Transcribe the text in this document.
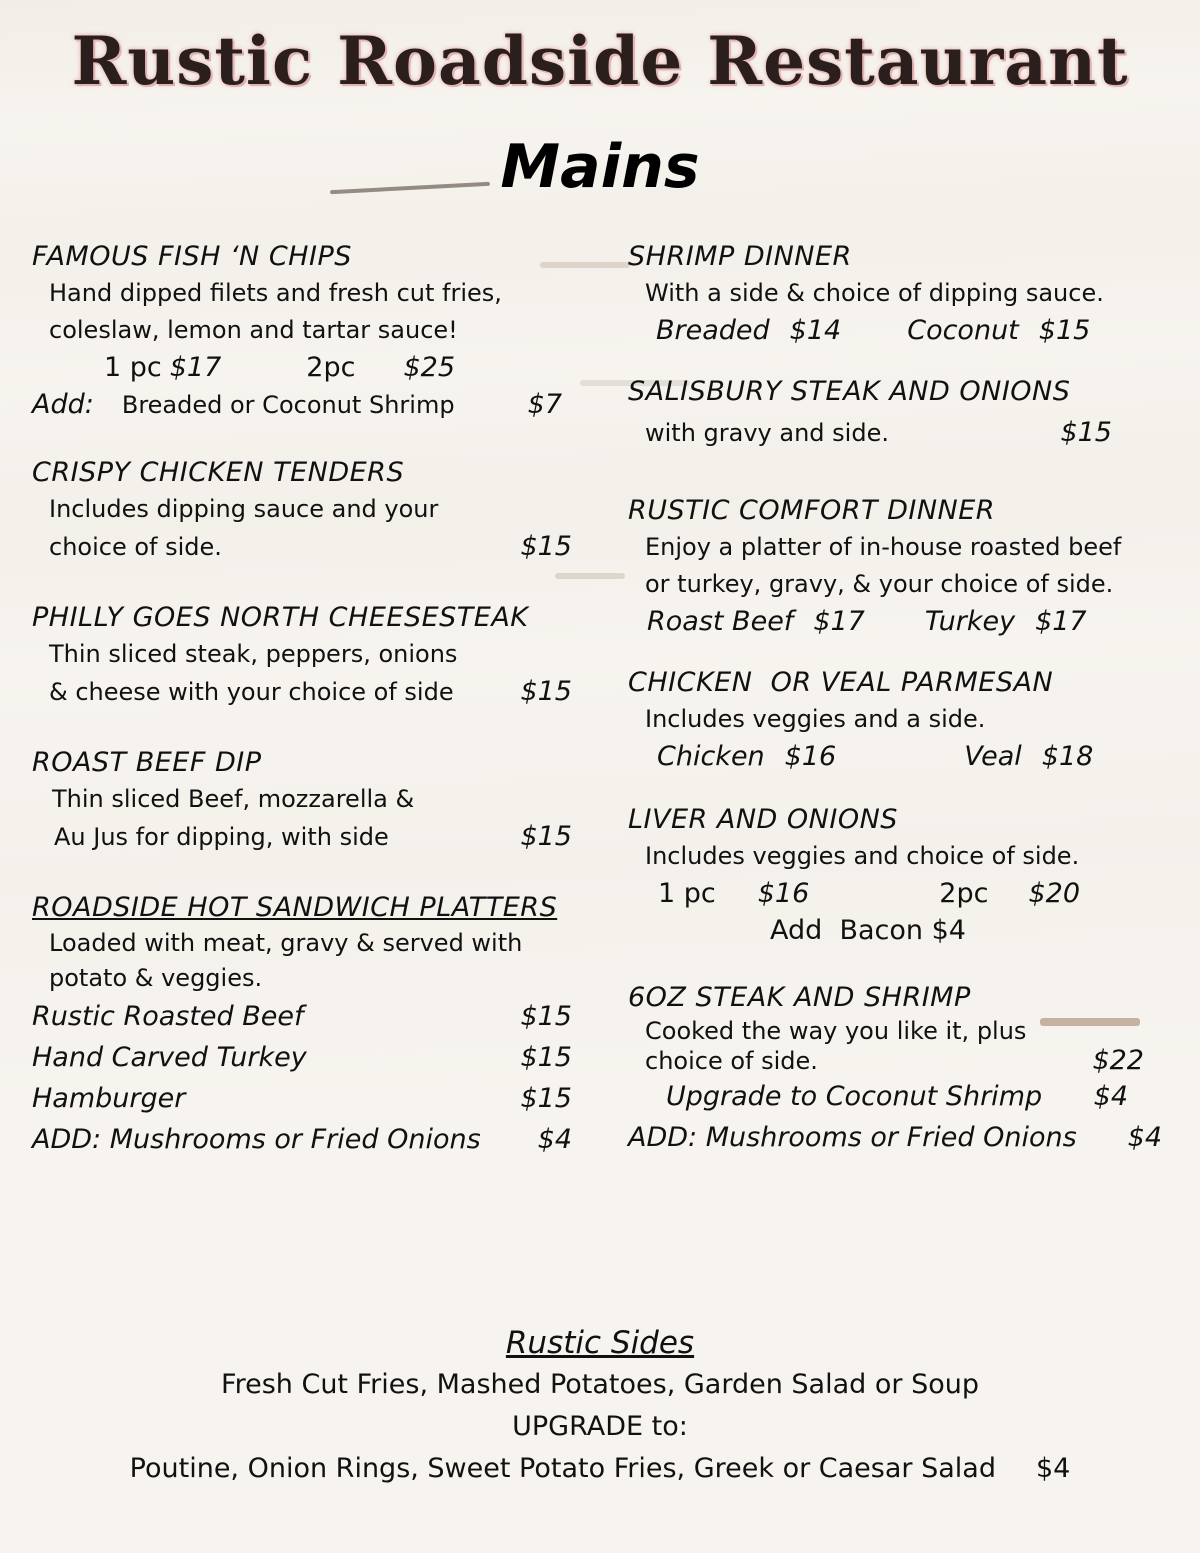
Rustic Roadside Restaurant
Mains
FAMOUS FISH ‘N CHIPS
Hand dipped filets and fresh cut fries,
coleslaw, lemon and tartar sauce!
1 pc $17	2pc $25
Add: Breaded or Coconut Shrimp	$7
CRISPY CHICKEN TENDERS
Includes dipping sauce and your
choice of side.	$15
PHILLY GOES NORTH CHEESESTEAK
Thin sliced steak, peppers, onions
& cheese with your choice of side $15
ROAST BEEF DIP
Thin sliced Beef, mozzarella &
Au Jus for dipping, with side	$15
ROADSIDE HOT SANDWICH PLATTERS
Loaded with meat, gravy & served with
potato & veggies.
Rustic Roasted Beef	$15
Hand Carved Turkey	$15
Hamburger	$15
ADD: Mushrooms or Fried Onions $4
SHRIMP DINNER
With a side & choice of dipping sauce.
Breaded $14 Coconut $15
SALISBURY STEAK AND ONIONS
with gravy and side.	$15
RUSTIC COMFORT DINNER
Enjoy a platter of in-house roasted beef
or turkey, gravy, & your choice of side.
Roast Beef $17 Turkey $17
CHICKEN  OR VEAL PARMESAN
Includes veggies and a side.
Chicken $16	Veal $18
LIVER AND ONIONS
Includes veggies and choice of side.
1 pc $16	2pc $20
Add  Bacon $4
6OZ STEAK AND SHRIMP
Cooked the way you like it, plus
choice of side.	$22
Upgrade to Coconut Shrimp $4
ADD: Mushrooms or Fried Onions $4
Rustic Sides
Fresh Cut Fries, Mashed Potatoes, Garden Salad or Soup
UPGRADE to:
Poutine, Onion Rings, Sweet Potato Fries, Greek or Caesar Salad $4
